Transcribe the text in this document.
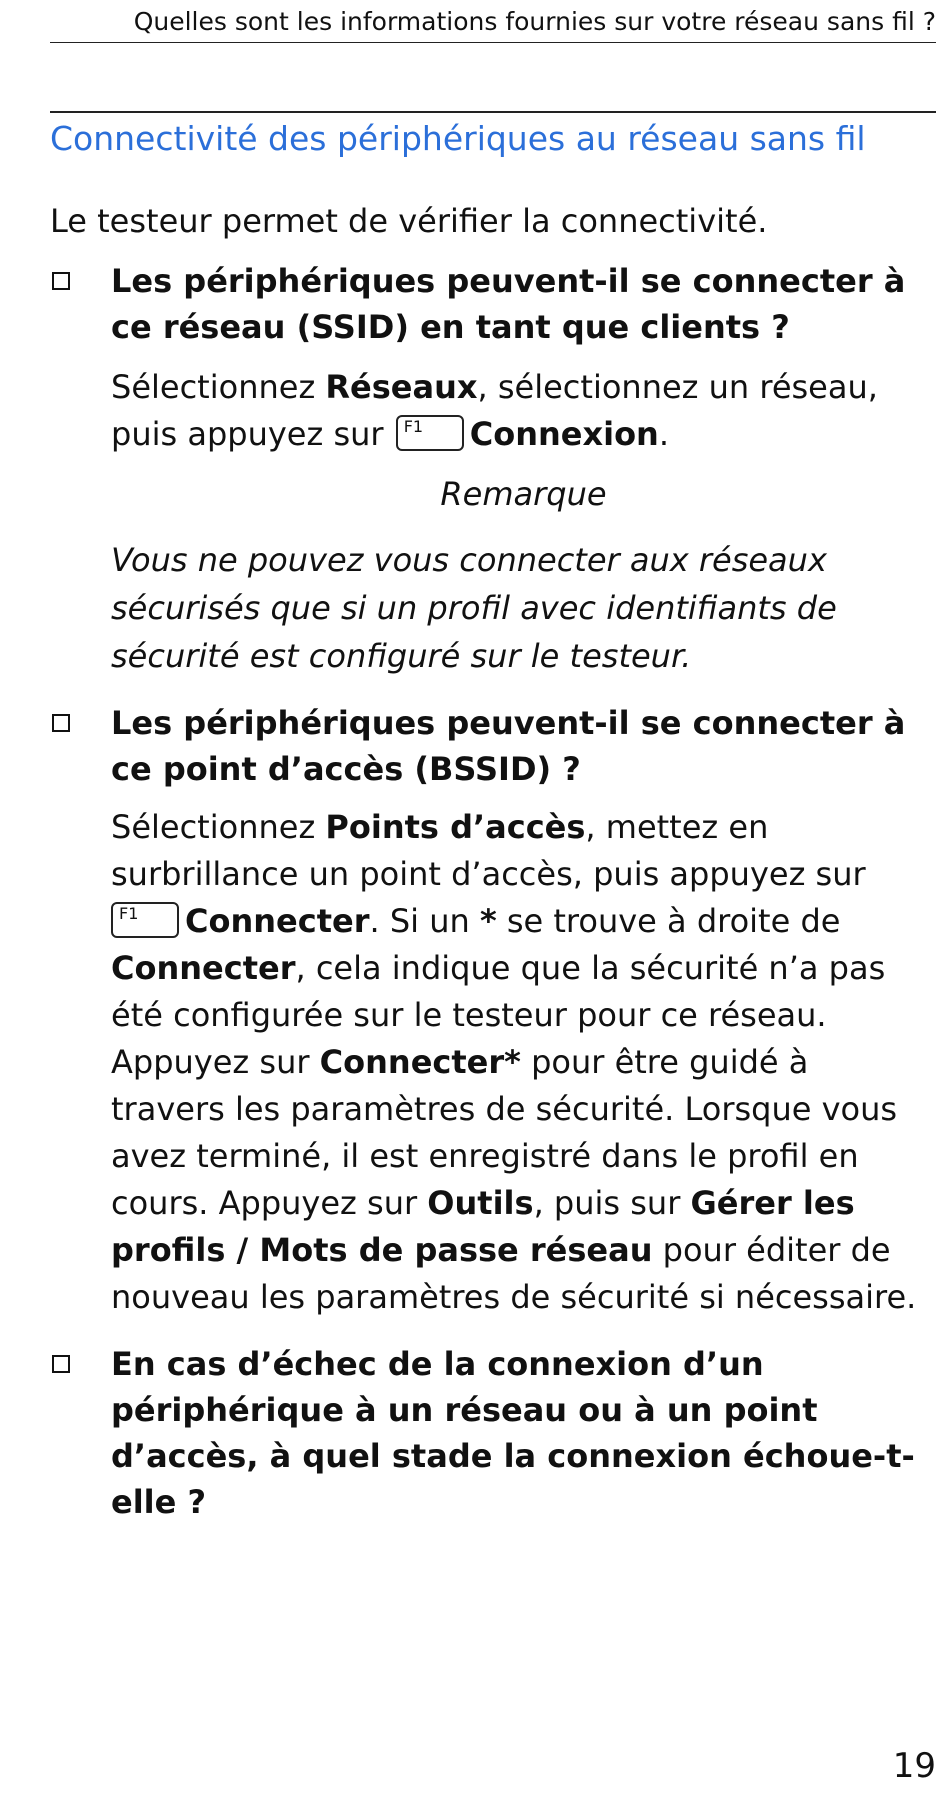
Quelles sont les informations fournies sur votre réseau sans fil ?
Connectivité des périphériques au réseau sans fil
Le testeur permet de vérifier la connectivité.
Les périphériques peuvent-il se connecter à
ce réseau (SSID) en tant que clients ?
Sélectionnez Réseaux, sélectionnez un réseau,
puis appuyez sur F1 Connexion.
Remarque
Vous ne pouvez vous connecter aux réseaux
sécurisés que si un profil avec identifiants de
sécurité est configuré sur le testeur.
Les périphériques peuvent-il se connecter à
ce point d’accès (BSSID) ?
Sélectionnez Points d’accès, mettez en
surbrillance un point d’accès, puis appuyez sur
F1 Connecter. Si un * se trouve à droite de
Connecter, cela indique que la sécurité n’a pas
été configurée sur le testeur pour ce réseau.
Appuyez sur Connecter* pour être guidé à
travers les paramètres de sécurité. Lorsque vous
avez terminé, il est enregistré dans le profil en
cours. Appuyez sur Outils, puis sur Gérer les
profils / Mots de passe réseau pour éditer de
nouveau les paramètres de sécurité si nécessaire.
En cas d’échec de la connexion d’un
périphérique à un réseau ou à un point
d’accès, à quel stade la connexion échoue-t-
elle ?
19
